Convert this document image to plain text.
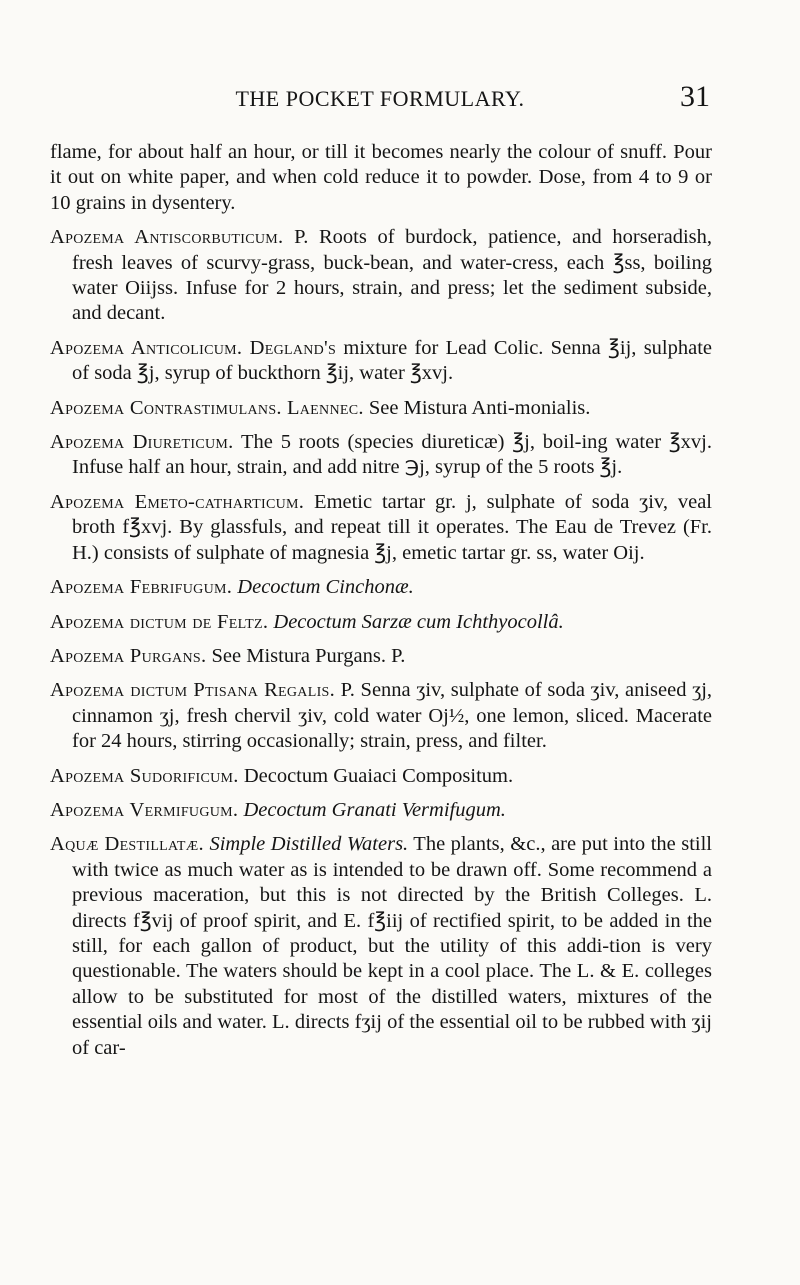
THE POCKET FORMULARY.	31

flame, for about half an hour, or till it becomes nearly the colour of snuff. Pour it out on white paper, and when cold reduce it to powder. Dose, from 4 to 9 or 10 grains in dysentery.

Apozema Antiscorbuticum. P. Roots of burdock, patience, and horseradish, fresh leaves of scurvy-grass, buck-bean, and water-cress, each ℥ss, boiling water Oiijss. Infuse for 2 hours, strain, and press; let the sediment subside, and decant.

Apozema Anticolicum. Degland's mixture for Lead Colic. Senna ℥ij, sulphate of soda ℥j, syrup of buckthorn ℥ij, water ℥xvj.

Apozema Contrastimulans. Laennec. See Mistura Anti-monialis.

Apozema Diureticum. The 5 roots (species diureticæ) ℥j, boil-ing water ℥xvj. Infuse half an hour, strain, and add nitre ℈j, syrup of the 5 roots ℥j.

Apozema Emeto-catharticum. Emetic tartar gr. j, sulphate of soda ʒiv, veal broth f℥xvj. By glassfuls, and repeat till it operates. The Eau de Trevez (Fr. H.) consists of sulphate of magnesia ℥j, emetic tartar gr. ss, water Oij.

Apozema Febrifugum. Decoctum Cinchonæ.

Apozema dictum de Feltz. Decoctum Sarzæ cum Ichthyocollâ.

Apozema Purgans. See Mistura Purgans. P.

Apozema dictum Ptisana Regalis. P. Senna ʒiv, sulphate of soda ʒiv, aniseed ʒj, cinnamon ʒj, fresh chervil ʒiv, cold water Oj½, one lemon, sliced. Macerate for 24 hours, stirring occasionally; strain, press, and filter.

Apozema Sudorificum. Decoctum Guaiaci Compositum.

Apozema Vermifugum. Decoctum Granati Vermifugum.

Aquæ Destillatæ. Simple Distilled Waters. The plants, &c., are put into the still with twice as much water as is intended to be drawn off. Some recommend a previous maceration, but this is not directed by the British Colleges. L. directs f℥vij of proof spirit, and E. f℥iij of rectified spirit, to be added in the still, for each gallon of product, but the utility of this addi-tion is very questionable. The waters should be kept in a cool place. The L. & E. colleges allow to be substituted for most of the distilled waters, mixtures of the essential oils and water. L. directs fʒij of the essential oil to be rubbed with ʒij of car-
